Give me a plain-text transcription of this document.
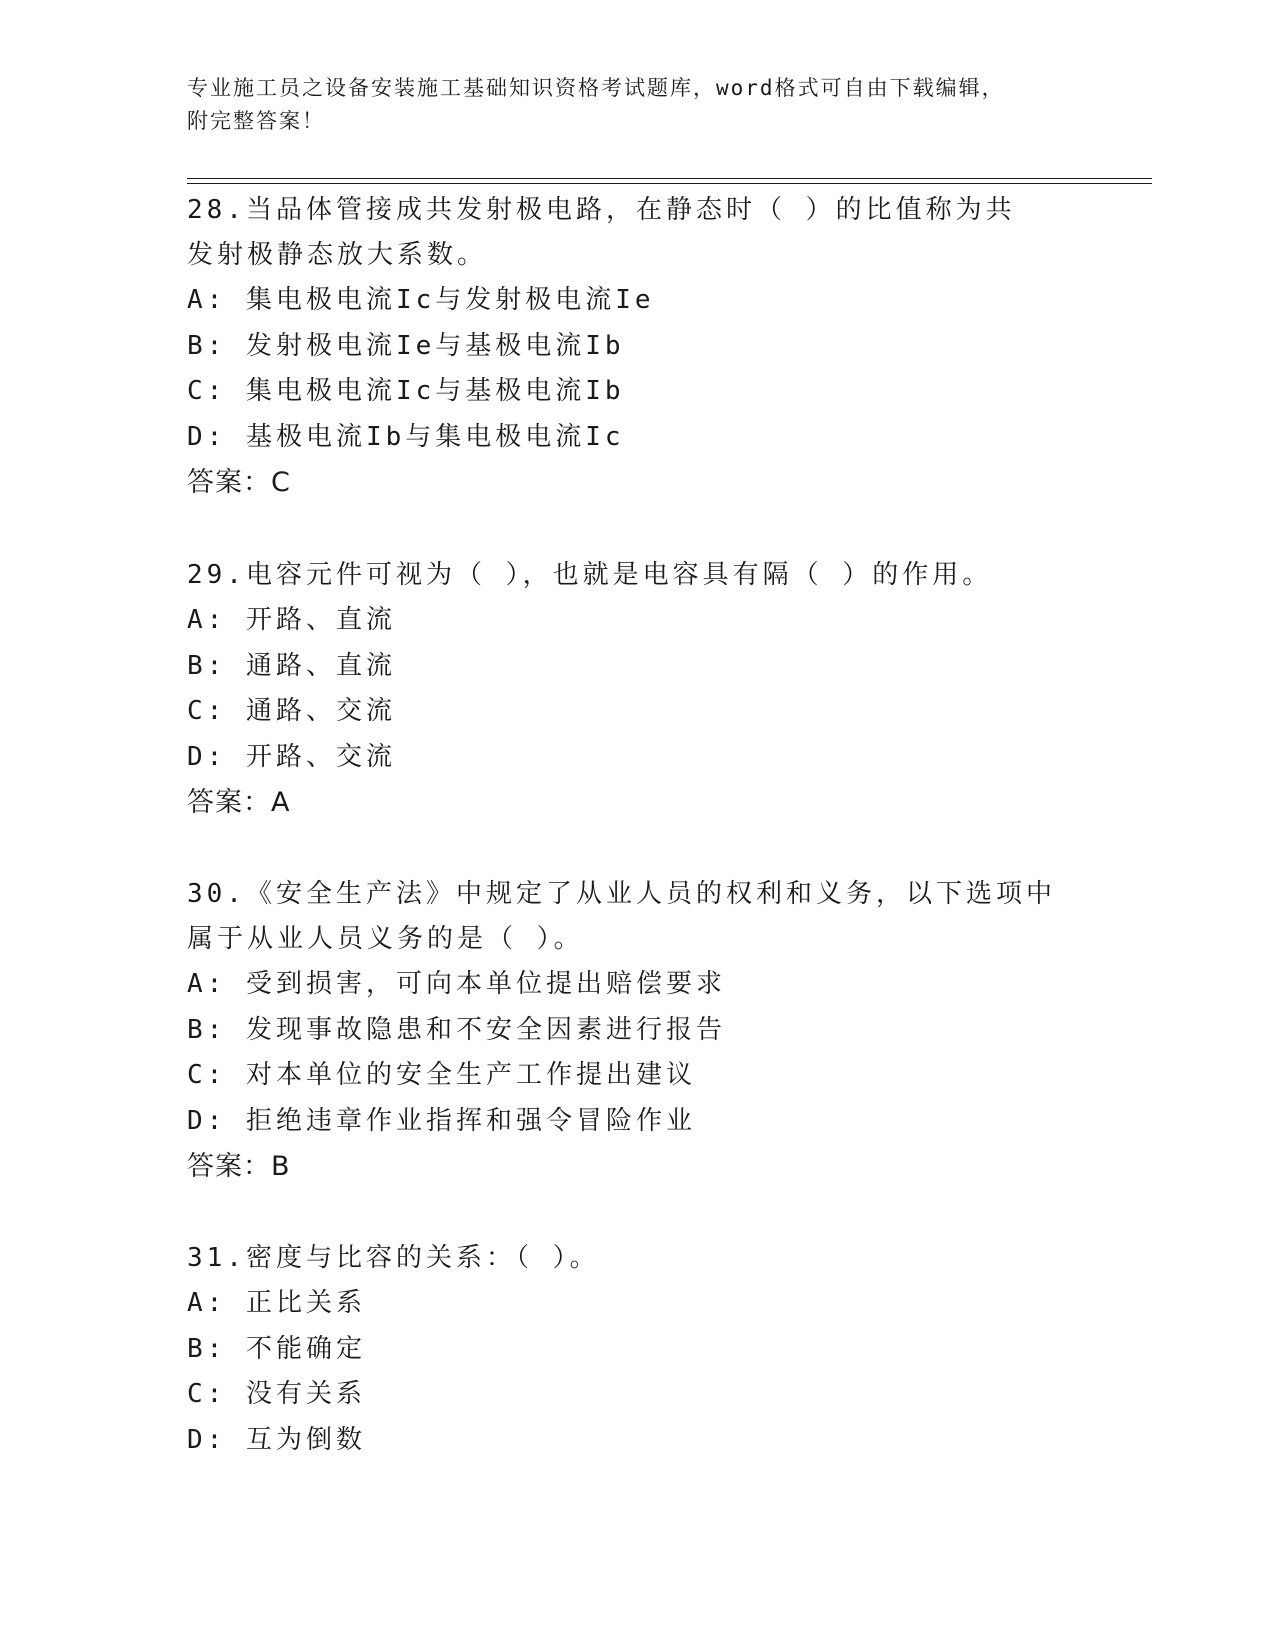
专业施工员之设备安装施工基础知识资格考试题库，word格式可自由下载编辑，
附完整答案！
28.当品体管接成共发射极电路，在静态时（ ）的比值称为共发射极静态放大系数。
A: 集电极电流Ic与发射极电流Ie
B: 发射极电流Ie与基极电流Ib
C: 集电极电流Ic与基极电流Ib
D: 基极电流Ib与集电极电流Ic
答案：C
29.电容元件可视为（ ），也就是电容具有隔（ ）的作用。
A: 开路、直流
B: 通路、直流
C: 通路、交流
D: 开路、交流
答案：A
30.《安全生产法》中规定了从业人员的权利和义务，以下选项中属于从业人员义务的是（ ）。
A: 受到损害，可向本单位提出赔偿要求
B: 发现事故隐患和不安全因素进行报告
C: 对本单位的安全生产工作提出建议
D: 拒绝违章作业指挥和强令冒险作业
答案：B
31.密度与比容的关系：（ ）。
A: 正比关系
B: 不能确定
C: 没有关系
D: 互为倒数
